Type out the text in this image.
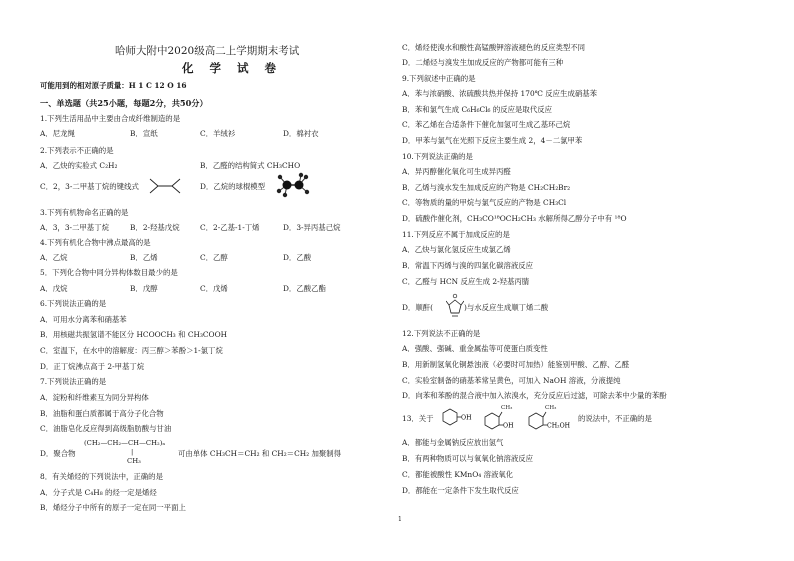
哈师大附中2020级高二上学期期末考试
化 学 试 卷
可能用到的相对原子质量：H 1 C 12 O 16
一、单选题（共25小题，每题2分，共50分）
1.下列生活用品中主要由合成纤维制造的是
A．尼龙绳	B．宣纸	C．羊绒衫	D．棉衬衣
2.下列表示不正确的是
A．乙炔的实验式 C₂H₂	B．乙醛的结构简式 CH₃CHO
C．2，3-二甲基丁烷的键线式	D．乙烷的球棍模型
3.下列有机物命名正确的是
A．3，3-二甲基丁烷	B．2-羟基戊烷	C．2-乙基-1-丁烯	D．3-异丙基己烷
4.下列有机化合物中沸点最高的是
A．乙烷	B．乙烯	C．乙醇	D．乙酸
5．下列化合物中同分异构体数目最少的是
A．戊烷	B．戊醇	C．戊烯	D．乙酸乙酯
6.下列说法正确的是
A．可用水分离苯和硝基苯
B．用核磁共振氢谱不能区分 HCOOCH₃ 和 CH₃COOH
C．室温下，在水中的溶解度：丙三醇＞苯酚＞1-氯丁烷
D．正丁烷沸点高于 2-甲基丁烷
7.下列说法正确的是
A．淀粉和纤维素互为同分异构体
B．油脂和蛋白质都属于高分子化合物
C．油脂皂化反应得到高级脂肪酸与甘油
D．聚合物
(CH₂—CH₂—CH—CH₂)ₙ
|
CH₃
可由单体 CH₃CH＝CH₂ 和 CH₂＝CH₂ 加聚制得
8．有关烯烃的下列说法中，正确的是
A．分子式是 C₄H₈ 的烃一定是烯烃
B．烯烃分子中所有的原子一定在同一平面上
C．烯烃使溴水和酸性高锰酸钾溶液褪色的反应类型不同
D．二烯烃与溴发生加成反应的产物都可能有三种
9.下列叙述中正确的是
A．苯与浓硝酸、浓硫酸共热并保持 170℃ 反应生成硝基苯
B．苯和氯气生成 C₆H₆Cl₆ 的反应是取代反应
C．苯乙烯在合适条件下催化加氢可生成乙基环己烷
D．甲苯与氯气在光照下反应主要生成 2，4－二氯甲苯
10.下列说法正确的是
A．异丙醇催化氧化可生成异丙醛
B．乙烯与溴水发生加成反应的产物是 CH₂CH₂Br₂
C．等物质的量的甲烷与氯气反应的产物是 CH₃Cl
D．硫酸作催化剂，CH₃CO¹⁸OCH₂CH₃ 水解所得乙醇分子中有 ¹⁸O
11.下列反应不属于加成反应的是
A．乙炔与氯化氢反应生成氯乙烯
B．常温下丙烯与溴的四氯化碳溶液反应
C．乙醛与 HCN 反应生成 2-羟基丙腈
D．顺酐(	)与水反应生成顺丁烯二酸
12.下列说法不正确的是
A．强酸、强碱、重金属盐等可使蛋白质变性
B．用新制氢氧化铜悬浊液（必要时可加热）能鉴别甲酸、乙醇、乙醛
C．实验室制备的硝基苯常呈黄色，可加入 NaOH 溶液，分液提纯
D．向苯和苯酚的混合液中加入浓溴水，充分反应后过滤，可除去苯中少量的苯酚
13．关于	OH
OH
CH₃
CH₂OH
CH₃
的说法中，不正确的是
A．都能与金属钠反应放出氢气
B．有两种物质可以与氧氧化钠溶液反应
C．都能被酸性 KMnO₄ 溶液氧化
D．都能在一定条件下发生取代反应
1
